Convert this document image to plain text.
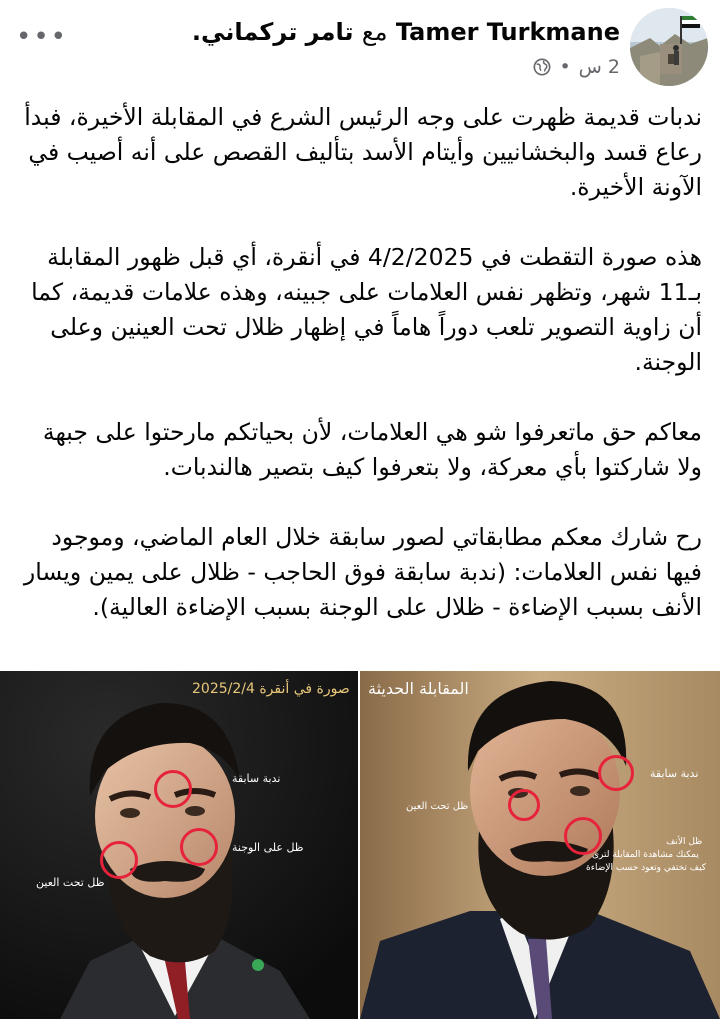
Tamer Turkmane مع تامر تركماني.
2 س
•
•••

ندبات قديمة ظهرت على وجه الرئيس الشرع في المقابلة الأخيرة، فبدأ رعاع قسد والبخشانيين وأيتام الأسد بتأليف القصص على أنه أصيب في الآونة الأخيرة.

هذه صورة التقطت في 4/2/2025 في أنقرة، أي قبل ظهور المقابلة بـ11 شهر، وتظهر نفس العلامات على جبينه، وهذه علامات قديمة، كما أن زاوية التصوير تلعب دوراً هاماً في إظهار ظلال تحت العينين وعلى الوجنة.

معاكم حق ماتعرفوا شو هي العلامات، لأن بحياتكم مارحتوا على جبهة ولا شاركتوا بأي معركة، ولا بتعرفوا كيف بتصير هالندبات.

رح شارك معكم مطابقاتي لصور سابقة خلال العام الماضي، وموجود فيها نفس العلامات: (ندبة سابقة فوق الحاجب - ظلال على يمين ويسار الأنف بسبب الإضاءة - ظلال على الوجنة بسبب الإضاءة العالية).

صورة في أنقرة 2025/2/4
ندبة سابقة
ظل على الوجنة
ظل تحت العين
المقابلة الحديثة
ندبة سابقة
ظل تحت العين
ظل الأنف
يمكنك مشاهدة المقابلة لترى
كيف تختفي وتعود حسب الإضاءة
